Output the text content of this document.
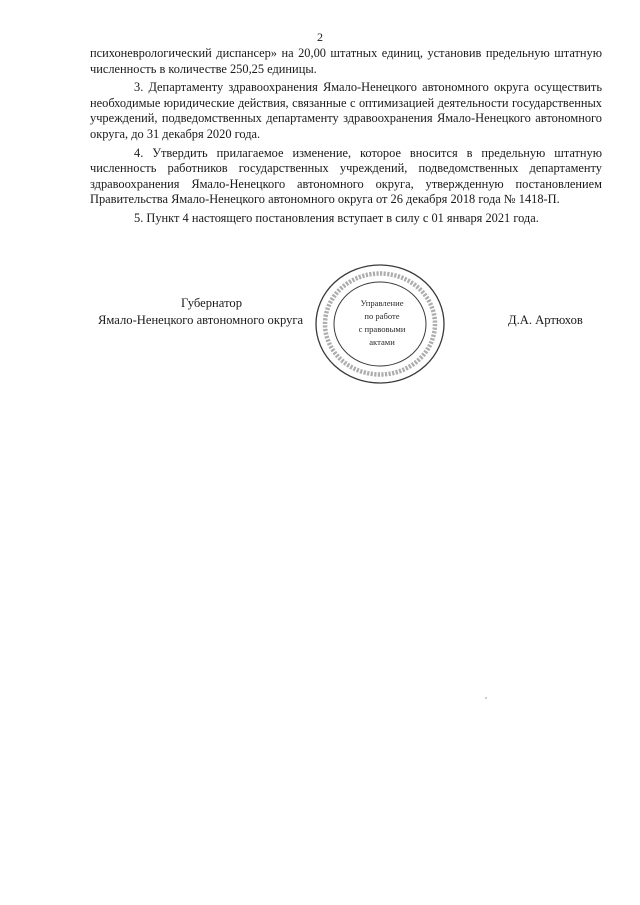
2

психоневрологический диспансер» на 20,00 штатных единиц, установив предельную штатную численность в количестве 250,25 единицы.

3. Департаменту здравоохранения Ямало-Ненецкого автономного округа осуществить необходимые юридические действия, связанные с оптимизацией деятельности государственных учреждений, подведомственных департаменту здравоохранения Ямало-Ненецкого автономного округа, до 31 декабря 2020 года.

4. Утвердить прилагаемое изменение, которое вносится в предельную штатную численность работников государственных учреждений, подведомственных департаменту здравоохранения Ямало-Ненецкого автономного округа, утвержденную постановлением Правительства Ямало-Ненецкого автономного округа от 26 декабря 2018 года № 1418-П.

5. Пункт 4 настоящего постановления вступает в силу с 01 января 2021 года.

Губернатор
Ямало-Ненецкого автономного округа
Управление
по работе
с правовыми
актами
Д.А. Артюхов
